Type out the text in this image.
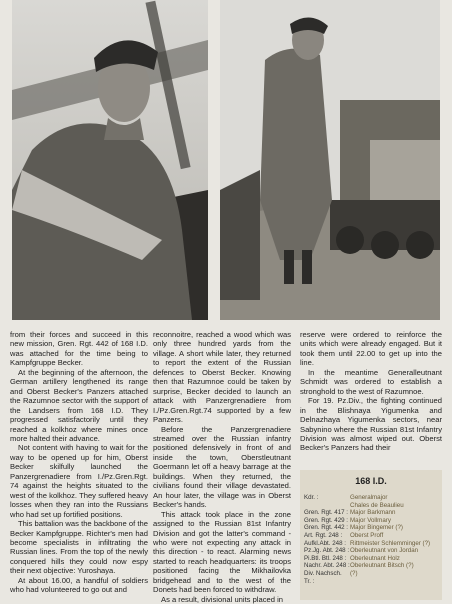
from their forces and succeed in this new mission, Gren. Rgt. 442 of 168 I.D. was attached for the time being to Kampfgruppe Becker.

At the beginning of the afternoon, the German artillery lengthened its range and Oberst Becker's Panzers attached the Razumnoe sector with the support of the Landsers from 168 I.D. They progressed satisfactorily until they reached a kolkhoz where mines once more halted their advance.

Not content with having to wait for the way to be opened up for him, Oberst Becker skilfully launched the Panzergrenadiere from I./Pz.Gren.Rgt. 74 against the heights situated to the west of the kolkhoz. They suffered heavy losses when they ran into the Russians who had set up fortified positions.

This battalion was the backbone of the Becker Kampfgruppe. Richter's men had become specialists in infiltrating the Russian lines. From the top of the newly conquered hills they could now espy their next objective: Yuroshaya.

At about 16.00, a handful of soldiers who had volunteered to go out and

reconnoitre, reached a wood which was only three hundred yards from the village. A short while later, they returned to report the extent of the Russian defences to Oberst Becker. Knowing then that Razumnoe could be taken by surprise, Becker decided to launch an attack with Panzergrenadiere from I./Pz.Gren.Rgt.74 supported by a few Panzers.

Before the Panzergrenadiere streamed over the Russian infantry positioned defensively in front of and inside the town, Oberstleutnant Goermann let off a heavy barrage at the buildings. When they returned, the civilians found their village devastated. An hour later, the village was in Oberst Becker's hands.

This attack took place in the zone assigned to the Russian 81st Infantry Division and got the latter's command - who were not expecting any attack in this direction - to react. Alarming news started to reach headquarters: its troops positioned facing the Mikhailovka bridgehead and to the west of the Donets had been forced to withdraw.

As a result, divisional units placed in

reserve were ordered to reinforce the units which were already engaged. But it took them until 22.00 to get up into the line.

In the meantime Generalleutnant Schmidt was ordered to establish a stronghold to the west of Razumnoe.

For 19. Pz.Div., the fighting continued in the Blishnaya Yigumenka and Delnazhaya Yigumenka sectors, near Sabynino where the Russian 81st Infantry Division was almost wiped out. Oberst Becker's Panzers had their

168 I.D.
Kdr. :	Generalmajor
	Chales de Beaulieu
Gren. Rgt. 417 :	Major Barkmann
Gren. Rgt. 429 :	Major Vollmary
Gren. Rgt. 442 :	Major Bingemer (?)
Art. Rgt. 248 :	Oberst Proff
Aufkl.Abt. 248 :	Rittmeister Schlemminger (?)
Pz.Jg. Abt. 248 :	Oberleutnant von Jordan
Pi.Btl. Btl. 248 :	Oberleutnant Holz
Nachr. Abt. 248 :	Oberleutnant Bitsch (?)
Div. Nachsch. Tr. :	(?)
